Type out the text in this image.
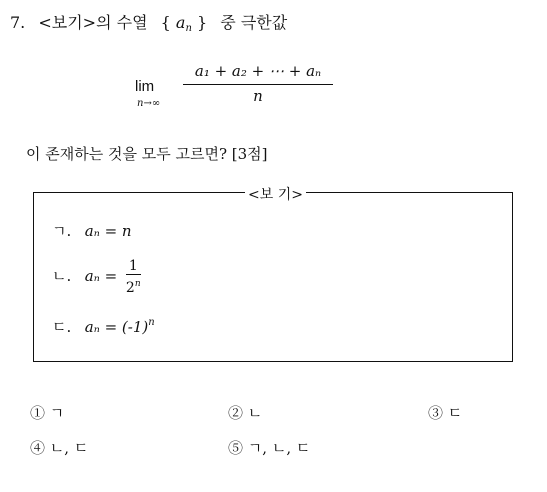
7. <보기>의 수열 { $a_n$ } 중 극한값
lim
n→∞
a₁ + a₂ + ⋯ + aₙ
n
이 존재하는 것을 모두 고르면? [3점]
<보 기>
ㄱ. aₙ = n
ㄴ. $a_n = \frac{1}{2^n}$
ㄷ. $a_n = (-1)^n$
① ㄱ	② ㄴ	③ ㄷ
④ ㄴ, ㄷ	⑤ ㄱ, ㄴ, ㄷ
